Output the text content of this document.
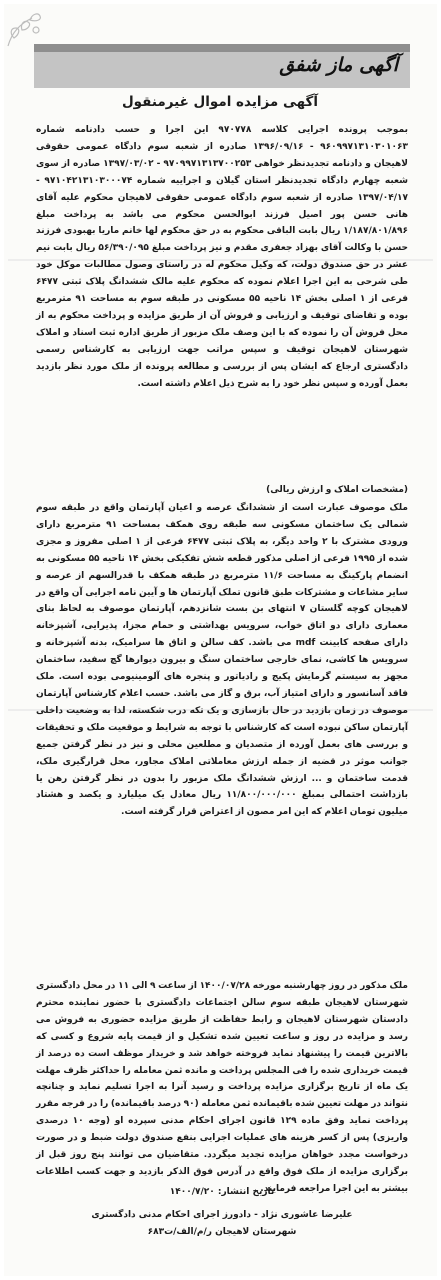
آگهی ماز شفق
آگهی مزایده اموال غیرمنقول
بموجب پرونده اجرایی کلاسه ۹۷۰۷۷۸ این اجرا و حسب دادنامه شماره ۹۶۰۹۹۷۱۳۱۰۳۰۱۰۶۳ - ۱۳۹۶/۰۹/۱۶ صادره از شعبه سوم دادگاه عمومی حقوقی لاهیجان و دادنامه تجدیدنظر خواهی ۹۷۰۹۹۷۱۳۱۳۷۰۰۲۵۳ - ۱۳۹۷/۰۳/۰۲ صادره از سوی شعبه چهارم دادگاه تجدیدنظر استان گیلان و اجراییه شماره ۹۷۱۰۴۲۱۳۱۰۳۰۰۰۷۴ - ۱۳۹۷/۰۴/۱۷ صادره از شعبه سوم دادگاه عمومی حقوقی لاهیجان محکوم علیه آقای هانی حسن پور اصیل فرزند ابوالحسن محکوم می باشد به پرداخت مبلغ ۱/۱۸۷/۸۰۱/۸۹۶ ریال بابت الباقی محکوم به در حق محکوم لها خانم ماریا بهبودی فرزند حسن با وکالت آقای بهزاد جعفری مقدم و نیز پرداخت مبلغ ۵۶/۳۹۰/۰۹۵ ریال بابت نیم عشر در حق صندوق دولت، که وکیل محکوم له در راستای وصول مطالبات موکل خود طی شرحی به این اجرا اعلام نموده که محکوم علیه مالک ششدانگ پلاک ثبتی ۶۴۷۷ فرعی از ۱ اصلی بخش ۱۴ ناحیه ۵۵ مسکونی در طبقه سوم به مساحت ۹۱ مترمربع بوده و تقاضای توقیف و ارزیابی و فروش آن از طریق مزایده و پرداخت محکوم به از محل فروش آن را نموده که با این وصف ملک مزبور از طریق اداره ثبت اسناد و املاک شهرستان لاهیجان توقیف و سپس مراتب جهت ارزیابی به کارشناس رسمی دادگستری ارجاع که ایشان پس از بررسی و مطالعه پرونده از ملک مورد نظر بازدید بعمل آورده و سپس نظر خود را به شرح ذیل اعلام داشته است.
(مشخصات املاک و ارزش ریالی)
ملک موصوف عبارت است از ششدانگ عرصه و اعیان آپارتمان واقع در طبقه سوم شمالی یک ساختمان مسکونی سه طبقه روی همکف بمساحت ۹۱ مترمربع دارای ورودی مشترک با ۲ واحد دیگر، به پلاک ثبتی ۶۴۷۷ فرعی از ۱ اصلی مفروز و مجزی شده از ۱۹۹۵ فرعی از اصلی مذکور قطعه شش تفکیکی بخش ۱۴ ناحیه ۵۵ مسکونی به انضمام پارکینگ به مساحت ۱۱/۶ مترمربع در طبقه همکف با قدرالسهم از عرصه و سایر مشاعات و مشترکات طبق قانون تملک آپارتمان ها و آیین نامه اجرایی آن واقع در لاهیجان کوچه گلستان ۷ انتهای بن بست شانزدهم، آپارتمان موصوف به لحاظ بنای معماری دارای دو اتاق خواب، سرویس بهداشتی و حمام مجزا، پذیرایی، آشپزخانه دارای صفحه کابینت mdf می باشد. کف سالن و اتاق ها سرامیک، بدنه آشپزخانه و سرویس ها کاشی، نمای خارجی ساختمان سنگ و بیرون دیوارها گچ سفید، ساختمان مجهز به سیستم گرمایش پکیج و رادیاتور و پنجره های آلومینیومی بوده است. ملک فاقد آسانسور و دارای امتیاز آب، برق و گاز می باشد. حسب اعلام کارشناس آپارتمان موصوف در زمان بازدید در حال بازسازی و یک تکه درب شکسته، لذا به وضعیت داخلی آپارتمان ساکن نبوده است که کارشناس با توجه به شرایط و موقعیت ملک و تحقیقات و بررسی های بعمل آورده از متصدیان و مطلعین محلی و نیز در نظر گرفتن جمیع جوانب موثر در قضیه از جمله ارزش معاملاتی املاک مجاور، محل قرارگیری ملک، قدمت ساختمان و ... ارزش ششدانگ ملک مزبور را بدون در نظر گرفتن رهن یا بازداشت احتمالی بمبلغ ۱۱/۸۰۰/۰۰۰/۰۰۰ ریال معادل یک میلیارد و یکصد و هشتاد میلیون تومان اعلام که این امر مصون از اعتراض قرار گرفته است.
ملک مذکور در روز چهارشنبه مورخه ۱۴۰۰/۰۷/۲۸ از ساعت ۹ الی ۱۱ در محل دادگستری شهرستان لاهیجان طبقه سوم سالن اجتماعات دادگستری با حضور نماینده محترم دادستان شهرستان لاهیجان و رابط حفاظت از طریق مزایده حضوری به فروش می رسد و مزایده در روز و ساعت تعیین شده تشکیل و از قیمت پایه شروع و کسی که بالاترین قیمت را پیشنهاد نماید فروخته خواهد شد و خریدار موظف است ده درصد از قیمت خریداری شده را فی المجلس پرداخت و مانده ثمن معامله را حداکثر ظرف مهلت یک ماه از تاریخ برگزاری مزایده پرداخت و رسید آنرا به اجرا تسلیم نماید و چنانچه نتواند در مهلت تعیین شده باقیمانده ثمن معامله (۹۰ درصد باقیمانده) را در فرجه مقرر پرداخت نماید وفق ماده ۱۲۹ قانون اجرای احکام مدنی سپرده او (وجه ۱۰ درصدی واریزی) پس از کسر هزینه های عملیات اجرایی بنفع صندوق دولت ضبط و در صورت درخواست مجدد خواهان مزایده تجدید میگردد. متقاضیان می توانند پنج روز قبل از برگزاری مزایده از ملک فوق واقع در آدرس فوق الذکر بازدید و جهت کسب اطلاعات بیشتر به این اجرا مراجعه فرمایند.
تاریخ انتشار: ۱۴۰۰/۷/۲۰
علیرضا عاشوری نژاد - دادورز اجرای احکام مدنی دادگستری
شهرستان لاهیجان ر/م/الف/ت۶۸۳
